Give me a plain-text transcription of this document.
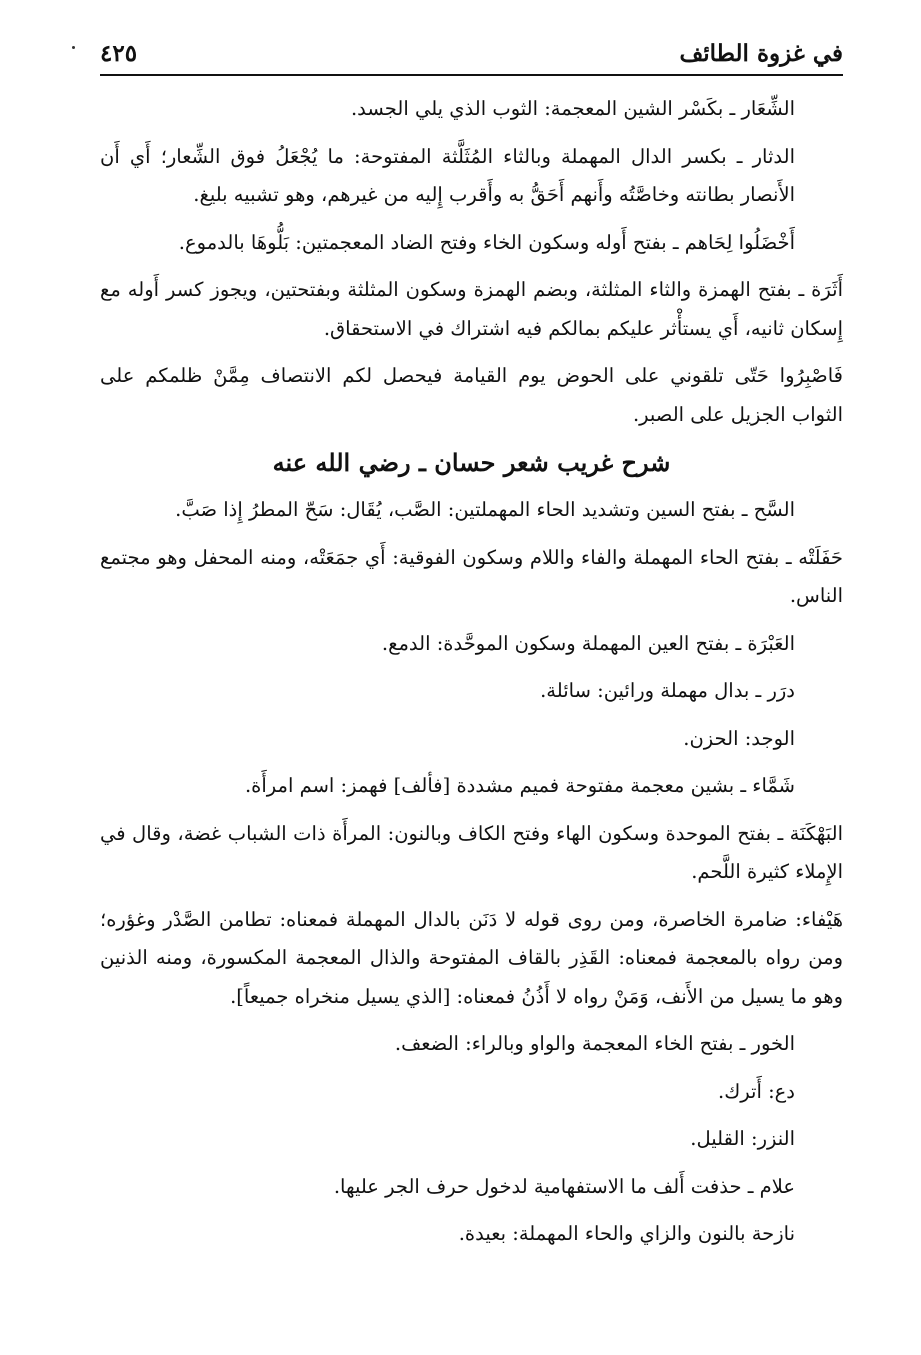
في غزوة الطائف
٤٢٥

الشِّعَار ـ بكَسْر الشين المعجمة: الثوب الذي يلي الجسد.

الدثار ـ بكسر الدال المهملة وبالثاء المُثَلَّثة المفتوحة: ما يُجْعَلُ فوق الشِّعار؛ أَي أَن الأَنصار بطانته وخاصَّتُه وأَنهم أَحَقُّ به وأَقرب إِليه من غيرهم، وهو تشبيه بليغ.

أَخْضَلُوا لِحَاهم ـ بفتح أَوله وسكون الخاء وفتح الضاد المعجمتين: بَلُّوهَا بالدموع.

أَثَرَة ـ بفتح الهمزة والثاء المثلثة، وبضم الهمزة وسكون المثلثة وبفتحتين، ويجوز كسر أَوله مع إِسكان ثانيه، أَي يستأْثر عليكم بمالكم فيه اشتراك في الاستحقاق.

فَاصْبِرُوا حَتّى تلقوني على الحوض يوم القيامة فيحصل لكم الانتصاف مِمَّنْ ظلمكم على الثواب الجزيل على الصبر.

شرح غريب شعر حسان ـ رضي الله عنه

السَّح ـ بفتح السين وتشديد الحاء المهملتين: الصَّب، يُقَال: سَحّ المطرُ إِذا صَبَّ.

حَفَلَتْه ـ بفتح الحاء المهملة والفاء واللام وسكون الفوقية: أَي جمَعَتْه، ومنه المحفل وهو مجتمع الناس.

العَبْرَة ـ بفتح العين المهملة وسكون الموحَّدة: الدمع.

درَر ـ بدال مهملة ورائين: سائلة.

الوجد: الحزن.

شَمَّاء ـ بشين معجمة مفتوحة فميم مشددة [فألف] فهمز: اسم امرأَة.

البَهْكَنَة ـ بفتح الموحدة وسكون الهاء وفتح الكاف وبالنون: المرأَة ذات الشباب غضة، وقال في الإِملاء كثيرة اللَّحم.

هَيْفاء: ضامرة الخاصرة، ومن روى قوله لا دَنَن بالدال المهملة فمعناه: تطامن الصَّدْر وغؤره؛ ومن رواه بالمعجمة فمعناه: القَذِر بالقاف المفتوحة والذال المعجمة المكسورة، ومنه الذنين وهو ما يسيل من الأَنف، وَمَنْ رواه لا أَذُنُ فمعناه: [الذي يسيل منخراه جميعاً].

الخور ـ بفتح الخاء المعجمة والواو وبالراء: الضعف.

دع: أَترك.

النزر: القليل.

علام ـ حذفت أَلف ما الاستفهامية لدخول حرف الجر عليها.

نازحة بالنون والزاي والحاء المهملة: بعيدة.
